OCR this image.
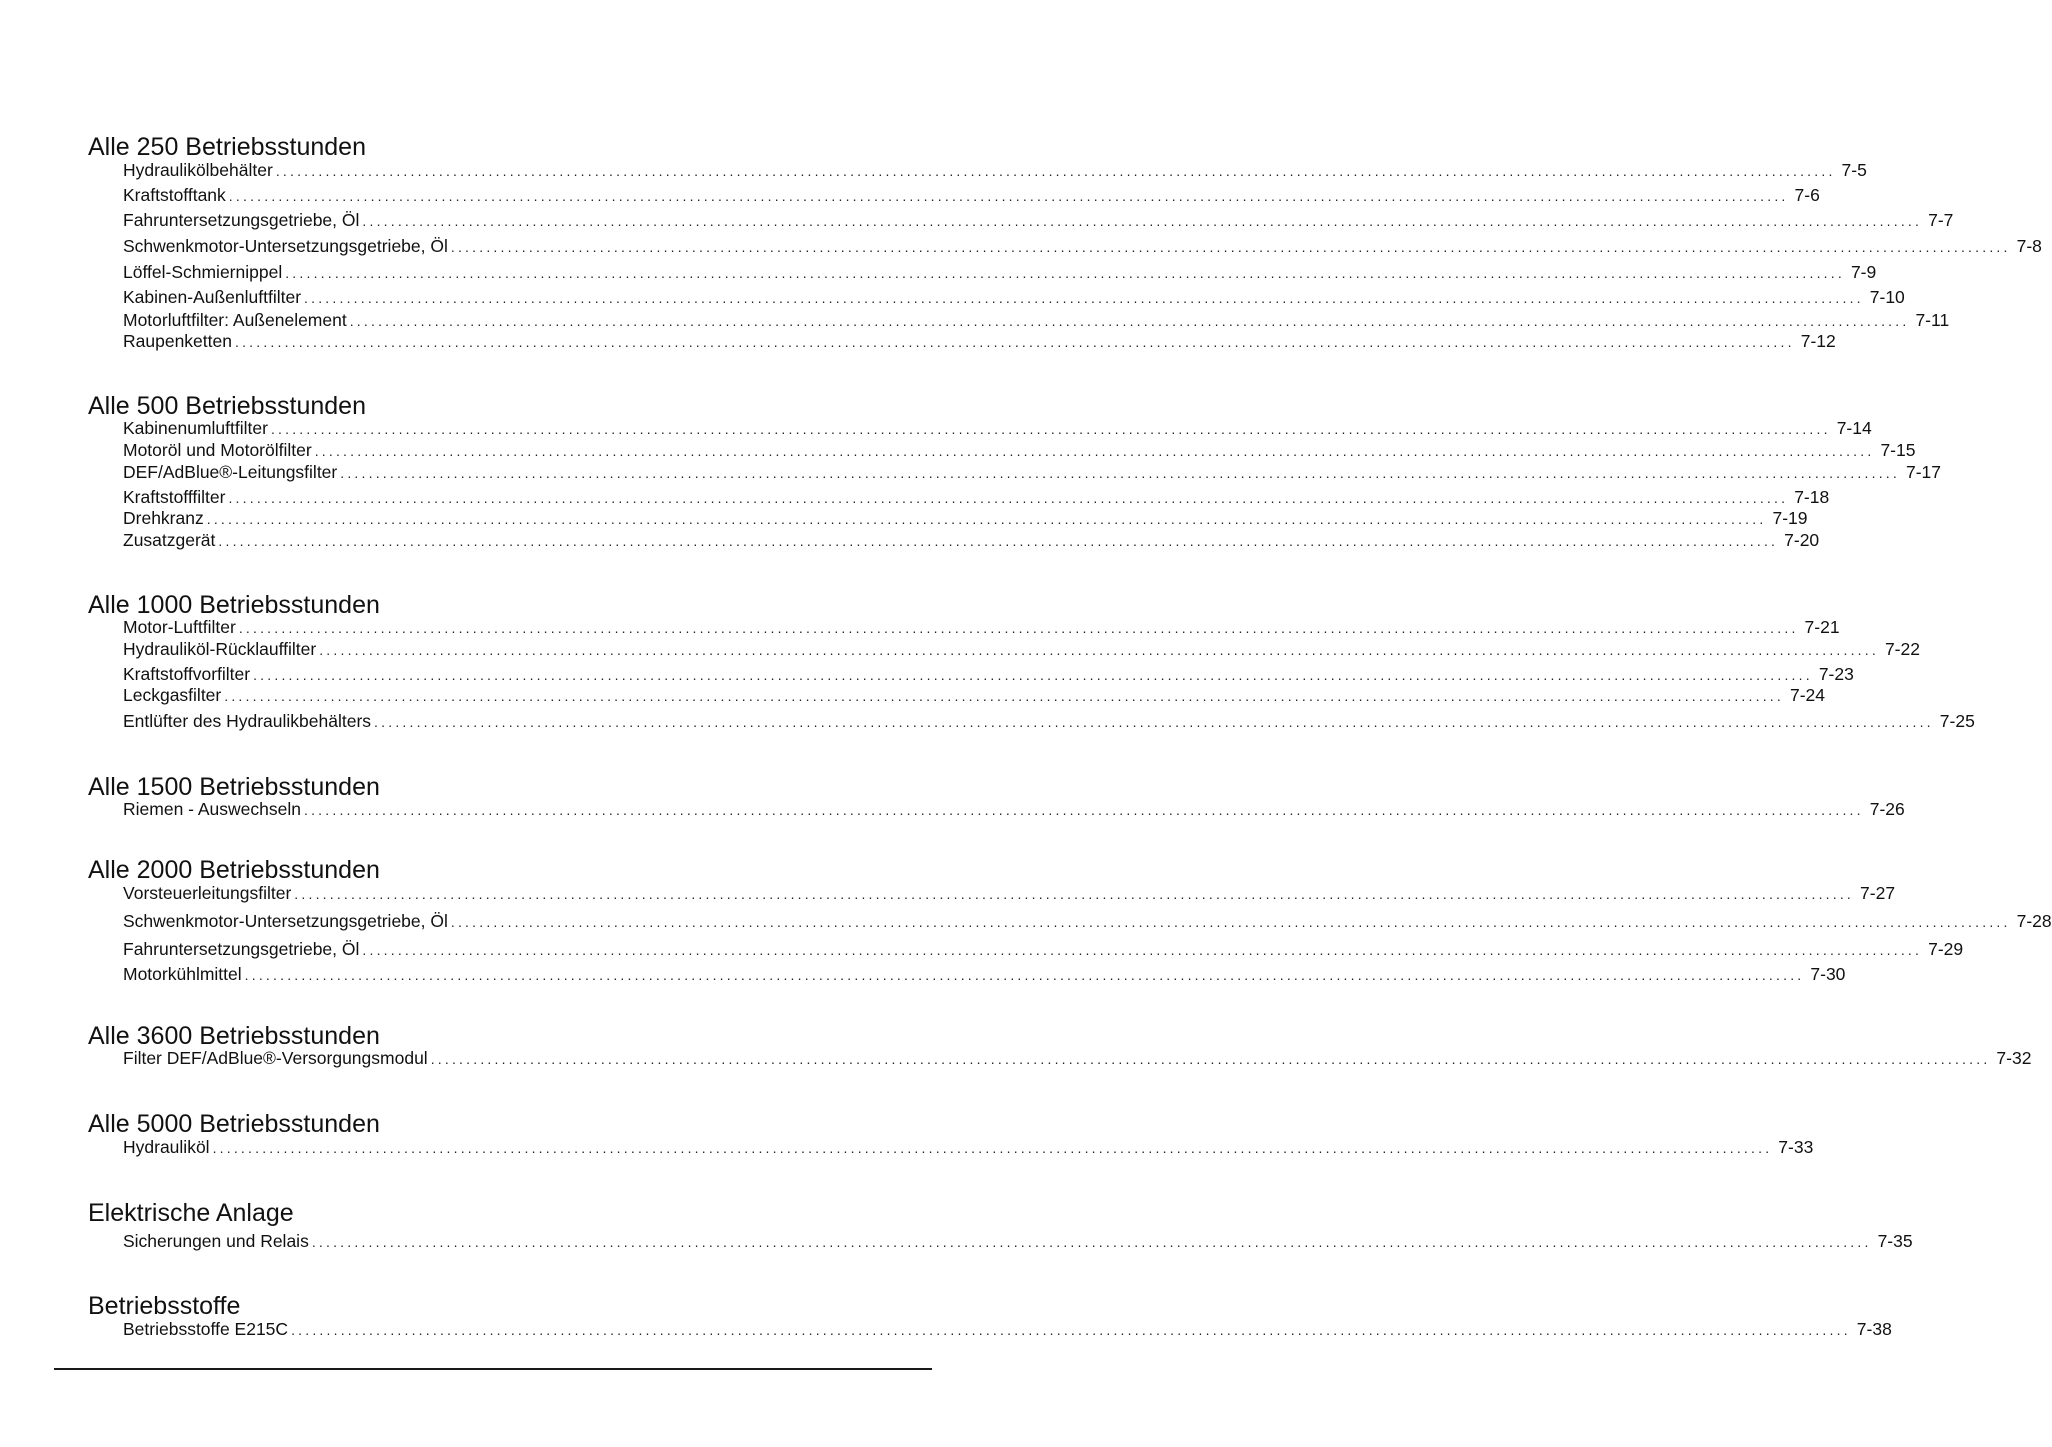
Alle 250 Betriebsstunden
Hydraulikölbehälter ............................................................................................................................................................................................................................ 7-5
Kraftstofftank ............................................................................................................................................................................................................................ 7-6
Fahruntersetzungsgetriebe, Öl ............................................................................................................................................................................................................................ 7-7
Schwenkmotor-Untersetzungsgetriebe, Öl ............................................................................................................................................................................................................................ 7-8
Löffel-Schmiernippel ............................................................................................................................................................................................................................ 7-9
Kabinen-Außenluftfilter ............................................................................................................................................................................................................................ 7-10
Motorluftfilter: Außenelement ............................................................................................................................................................................................................................ 7-11
Raupenketten ............................................................................................................................................................................................................................ 7-12
Alle 500 Betriebsstunden
Kabinenumluftfilter ............................................................................................................................................................................................................................ 7-14
Motoröl und Motorölfilter ............................................................................................................................................................................................................................ 7-15
DEF/AdBlue®-Leitungsfilter ............................................................................................................................................................................................................................ 7-17
Kraftstofffilter ............................................................................................................................................................................................................................ 7-18
Drehkranz ............................................................................................................................................................................................................................ 7-19
Zusatzgerät ............................................................................................................................................................................................................................ 7-20
Alle 1000 Betriebsstunden
Motor-Luftfilter ............................................................................................................................................................................................................................ 7-21
Hydrauliköl-Rücklauffilter ............................................................................................................................................................................................................................ 7-22
Kraftstoffvorfilter ............................................................................................................................................................................................................................ 7-23
Leckgasfilter ............................................................................................................................................................................................................................ 7-24
Entlüfter des Hydraulikbehälters ............................................................................................................................................................................................................................ 7-25
Alle 1500 Betriebsstunden
Riemen - Auswechseln ............................................................................................................................................................................................................................ 7-26
Alle 2000 Betriebsstunden
Vorsteuerleitungsfilter ............................................................................................................................................................................................................................ 7-27
Schwenkmotor-Untersetzungsgetriebe, Öl ............................................................................................................................................................................................................................ 7-28
Fahruntersetzungsgetriebe, Öl ............................................................................................................................................................................................................................ 7-29
Motorkühlmittel ............................................................................................................................................................................................................................ 7-30
Alle 3600 Betriebsstunden
Filter DEF/AdBlue®-Versorgungsmodul ............................................................................................................................................................................................................................ 7-32
Alle 5000 Betriebsstunden
Hydrauliköl ............................................................................................................................................................................................................................ 7-33
Elektrische Anlage
Sicherungen und Relais ............................................................................................................................................................................................................................ 7-35
Betriebsstoffe
Betriebsstoffe E215C ............................................................................................................................................................................................................................ 7-38
